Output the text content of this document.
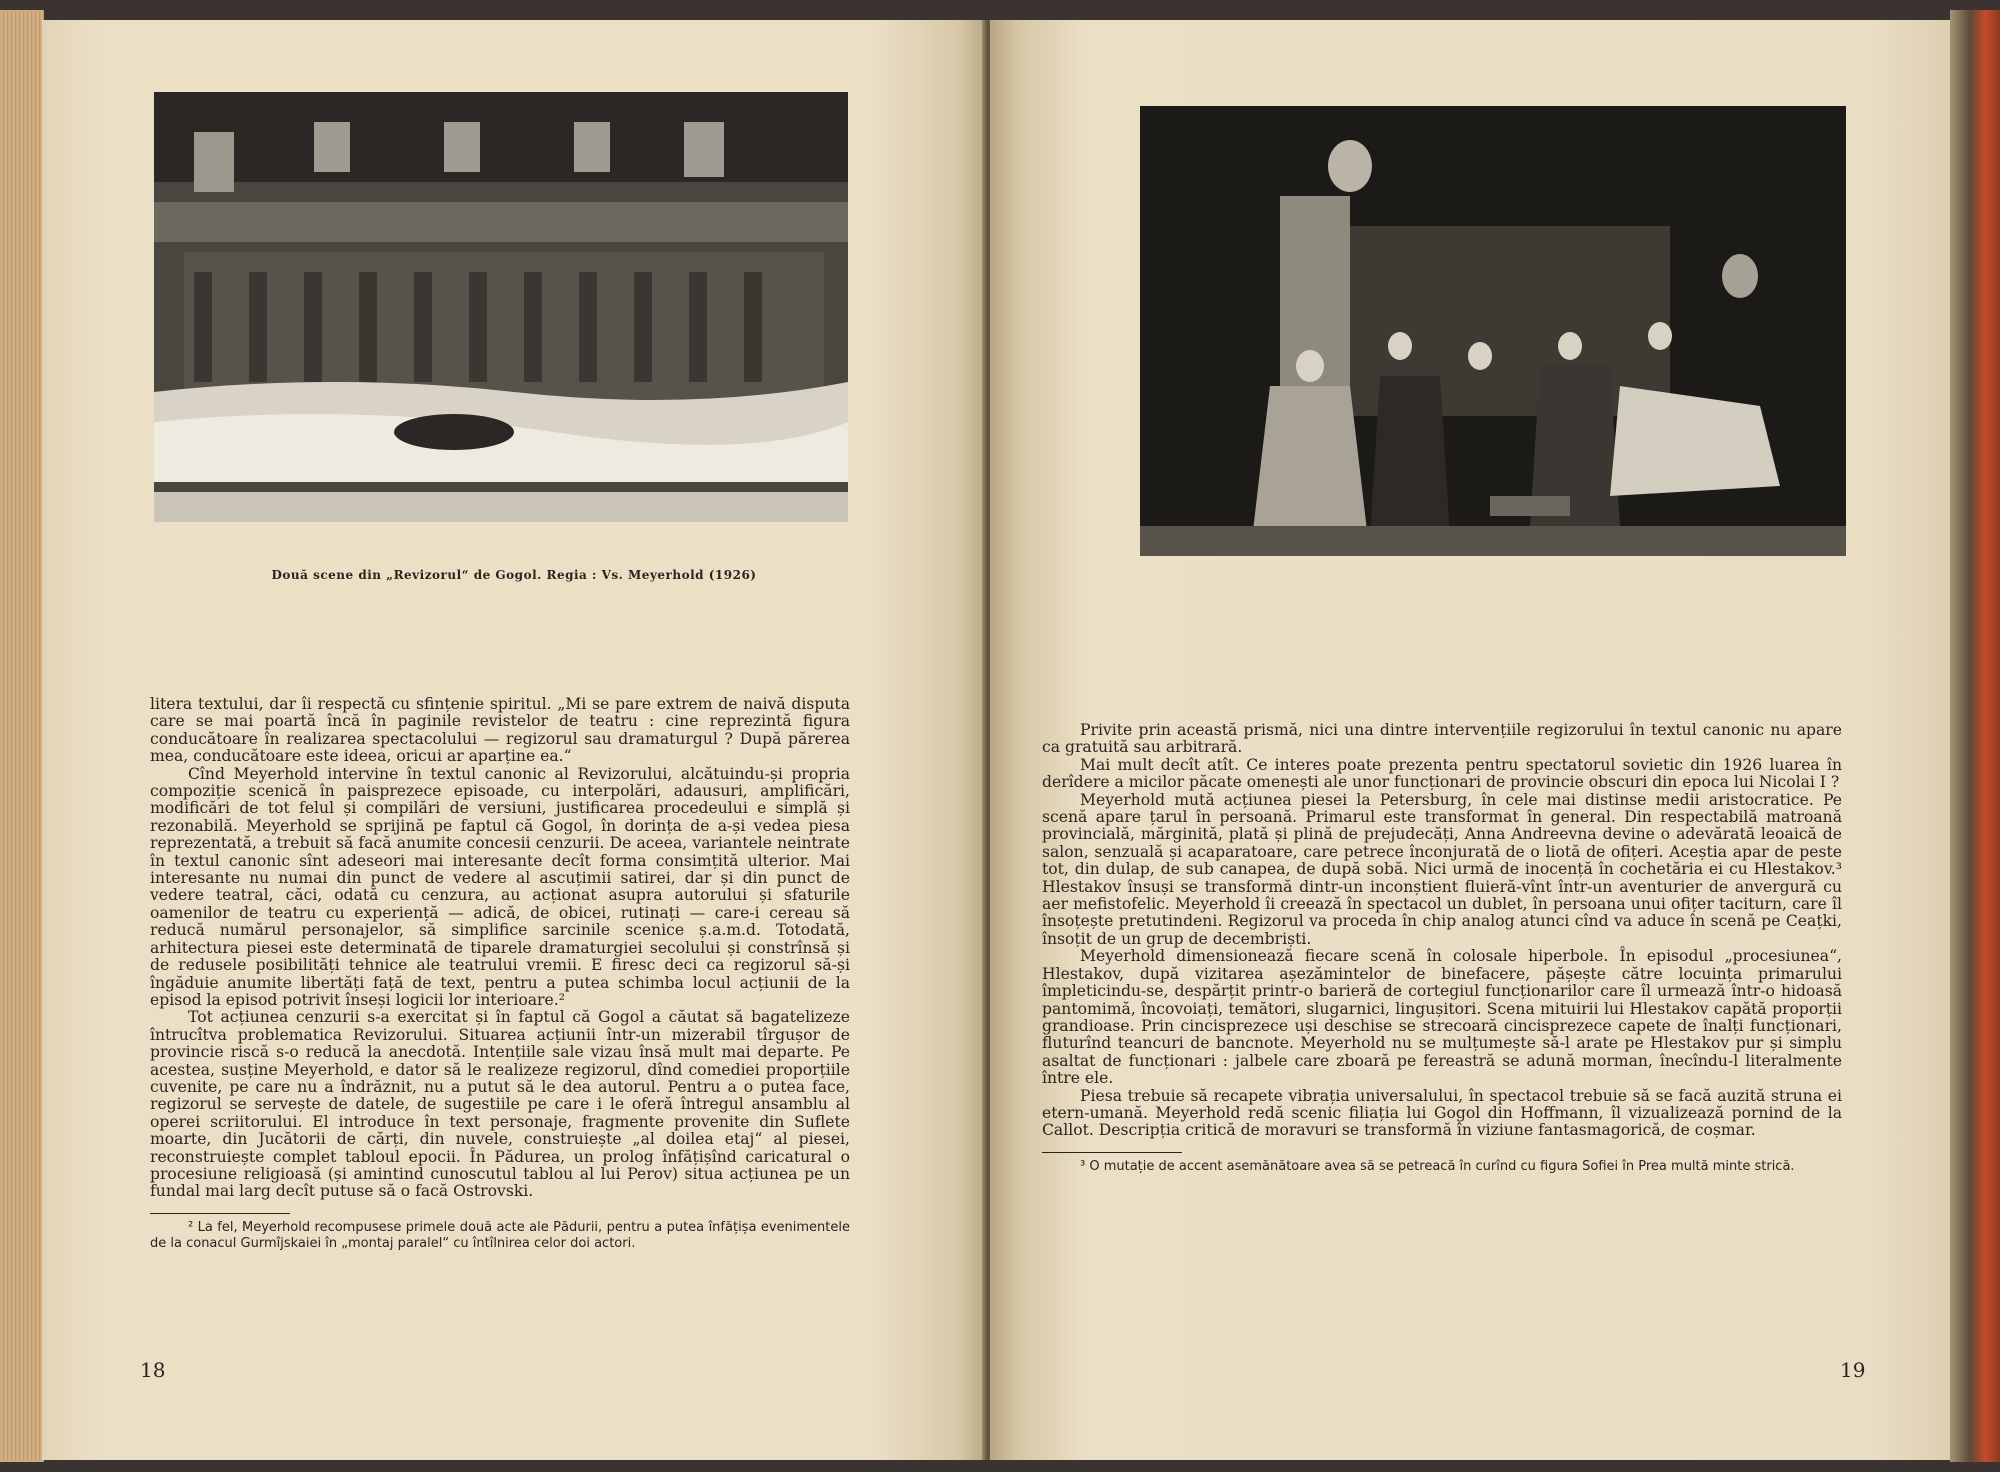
Două scene din „Revizorul“ de Gogol. Regia : Vs. Meyerhold (1926)

litera textului, dar îi respectă cu sfințenie spiritul. „Mi se pare extrem de naivă disputa care se mai poartă încă în paginile revistelor de teatru : cine reprezintă figura conducătoare în realizarea spectacolului — regizorul sau dramaturgul ? După părerea mea, conducătoare este ideea, oricui ar aparține ea.“

Cînd Meyerhold intervine în textul canonic al Revizorului, alcătuindu-și propria compoziție scenică în paisprezece episoade, cu interpolări, adausuri, amplificări, modificări de tot felul și compilări de versiuni, justificarea procedeului e simplă și rezonabilă. Meyerhold se sprijină pe faptul că Gogol, în dorința de a-și vedea piesa reprezentată, a trebuit să facă anumite concesii cenzurii. De aceea, variantele neintrate în textul canonic sînt adeseori mai interesante decît forma consimțită ulterior. Mai interesante nu numai din punct de vedere al ascuțimii satirei, dar și din punct de vedere teatral, căci, odată cu cenzura, au acționat asupra autorului și sfaturile oamenilor de teatru cu experiență — adică, de obicei, rutinați — care-i cereau să reducă numărul personajelor, să simplifice sarcinile scenice ș.a.m.d. Totodată, arhitectura piesei este determinată de tiparele dramaturgiei secolului și constrînsă și de redusele posibilități tehnice ale teatrului vremii. E firesc deci ca regizorul să-și îngăduie anumite libertăți față de text, pentru a putea schimba locul acțiunii de la episod la episod potrivit înseși logicii lor interioare.²

Tot acțiunea cenzurii s-a exercitat și în faptul că Gogol a căutat să bagatelizeze întrucîtva problematica Revizorului. Situarea acțiunii într-un mizerabil tîrgușor de provincie riscă s-o reducă la anecdotă. Intențiile sale vizau însă mult mai departe. Pe acestea, susține Meyerhold, e dator să le realizeze regizorul, dînd comediei proporțiile cuvenite, pe care nu a îndrăznit, nu a putut să le dea autorul. Pentru a o putea face, regizorul se servește de datele, de sugestiile pe care i le oferă întregul ansamblu al operei scriitorului. El introduce în text personaje, fragmente provenite din Suflete moarte, din Jucătorii de cărți, din nuvele, construiește „al doilea etaj“ al piesei, reconstruiește complet tabloul epocii. În Pădurea, un prolog înfățișînd caricatural o procesiune religioasă (și amintind cunoscutul tablou al lui Perov) situa acțiunea pe un fundal mai larg decît putuse să o facă Ostrovski.

² La fel, Meyerhold recompusese primele două acte ale Pădurii, pentru a putea înfățișa evenimentele de la conacul Gurmîjskaiei în „montaj paralel“ cu întîlnirea celor doi actori.

18

Privite prin această prismă, nici una dintre intervențiile regizorului în textul canonic nu apare ca gratuită sau arbitrară.

Mai mult decît atît. Ce interes poate prezenta pentru spectatorul sovietic din 1926 luarea în derîdere a micilor păcate omenești ale unor funcționari de provincie obscuri din epoca lui Nicolai I ?

Meyerhold mută acțiunea piesei la Petersburg, în cele mai distinse medii aristocratice. Pe scenă apare țarul în persoană. Primarul este transformat în general. Din respectabilă matroană provincială, mărginită, plată și plină de prejudecăți, Anna Andreevna devine o adevărată leoaică de salon, senzuală și acaparatoare, care petrece înconjurată de o liotă de ofițeri. Aceștia apar de peste tot, din dulap, de sub canapea, de după sobă. Nici urmă de inocență în cochetăria ei cu Hlestakov.³ Hlestakov însuși se transformă dintr-un inconștient fluieră-vînt într-un aventurier de anvergură cu aer mefistofelic. Meyerhold îi creează în spectacol un dublet, în persoana unui ofițer taciturn, care îl însoțește pretutindeni. Regizorul va proceda în chip analog atunci cînd va aduce în scenă pe Ceațki, însoțit de un grup de decembriști.

Meyerhold dimensionează fiecare scenă în colosale hiperbole. În episodul „procesiunea“, Hlestakov, după vizitarea așezămintelor de binefacere, pășește către locuința primarului împleticindu-se, despărțit printr-o barieră de cortegiul funcționarilor care îl urmează într-o hidoasă pantomimă, încovoiați, temători, slugarnici, lingușitori. Scena mituirii lui Hlestakov capătă proporții grandioase. Prin cincisprezece uși deschise se strecoară cincisprezece capete de înalți funcționari, fluturînd teancuri de bancnote. Meyerhold nu se mulțumește să-l arate pe Hlestakov pur și simplu asaltat de funcționari : jalbele care zboară pe fereastră se adună morman, înecîndu-l literalmente între ele.

Piesa trebuie să recapete vibrația universalului, în spectacol trebuie să se facă auzită struna ei etern-umană. Meyerhold redă scenic filiația lui Gogol din Hoffmann, îl vizualizează pornind de la Callot. Descripția critică de moravuri se transformă în viziune fantasmagorică, de coșmar.

³ O mutație de accent asemănătoare avea să se petreacă în curînd cu figura Sofiei în Prea multă minte strică.

19
